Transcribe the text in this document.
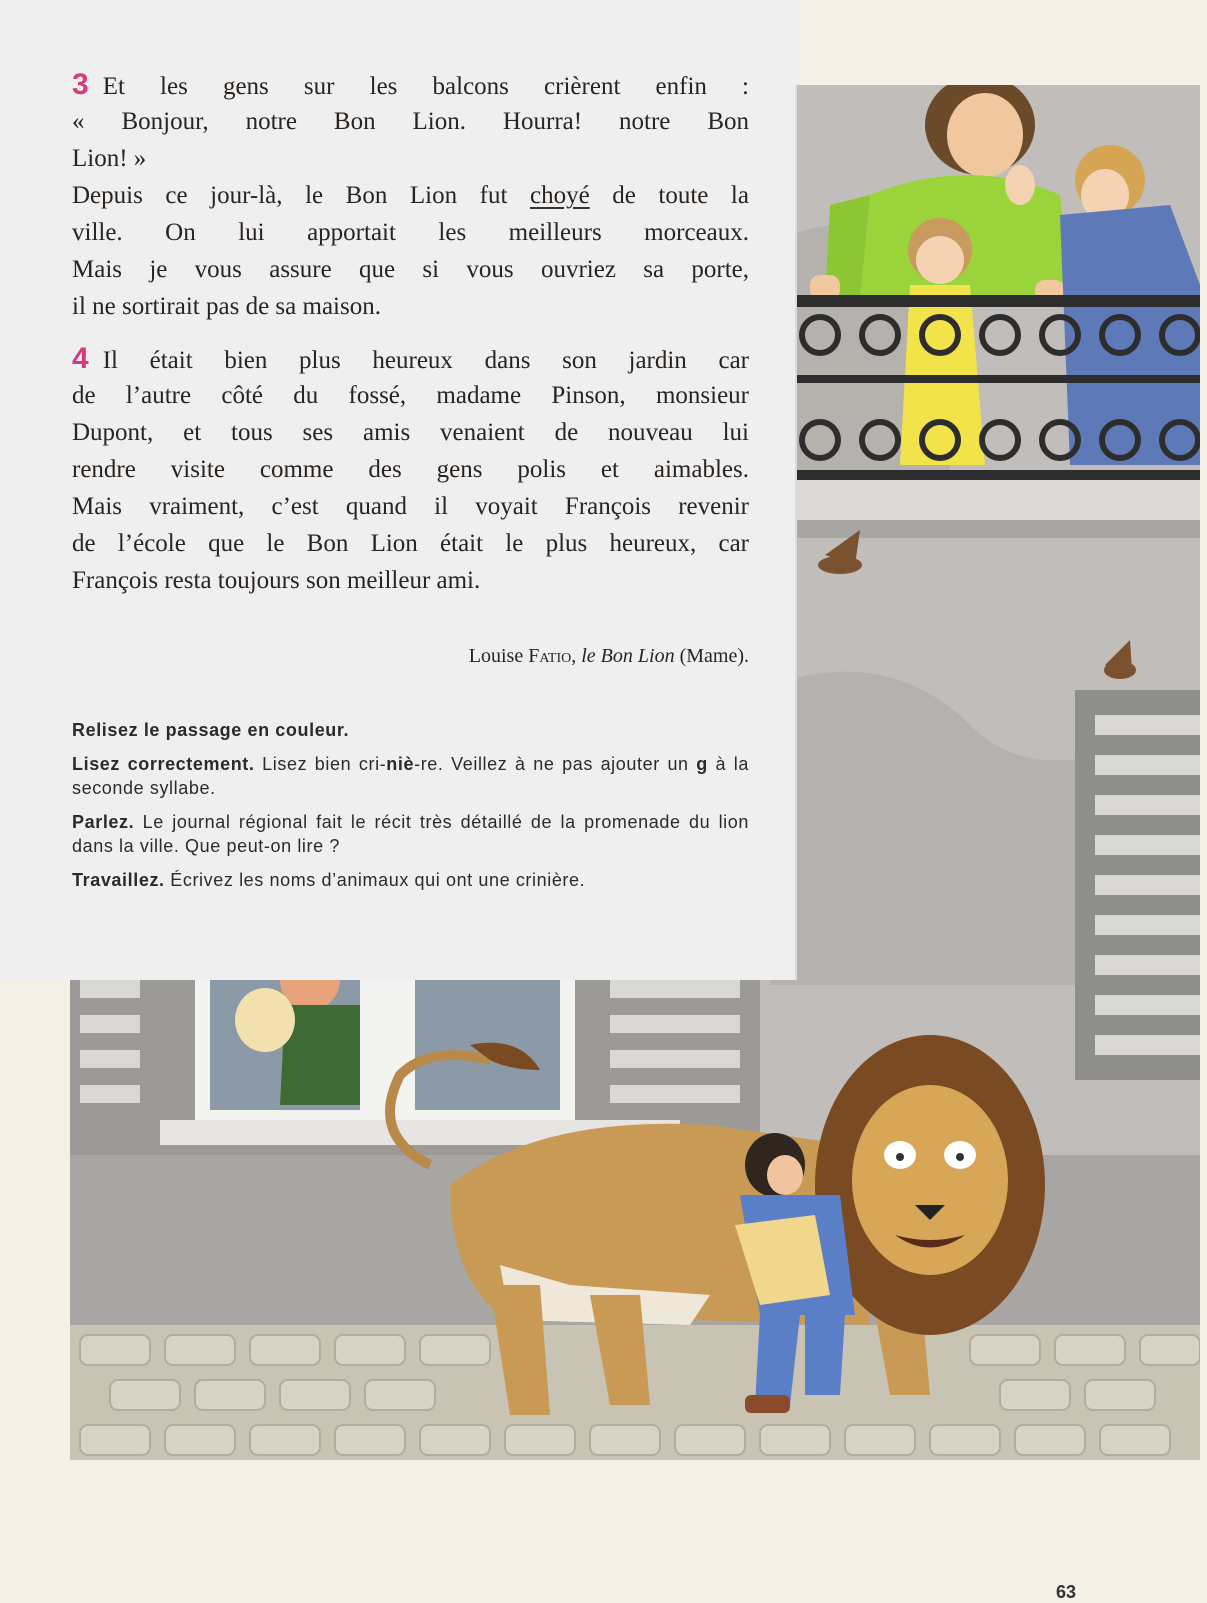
3 Et les gens sur les balcons crièrent enfin :
« Bonjour, notre Bon Lion. Hourra! notre Bon
Lion! »
Depuis ce jour-là, le Bon Lion fut choyé de toute la
ville. On lui apportait les meilleurs morceaux.
Mais je vous assure que si vous ouvriez sa porte,
il ne sortirait pas de sa maison.
4 Il était bien plus heureux dans son jardin car
de l’autre côté du fossé, madame Pinson, monsieur
Dupont, et tous ses amis venaient de nouveau lui
rendre visite comme des gens polis et aimables.
Mais vraiment, c’est quand il voyait François revenir
de l’école que le Bon Lion était le plus heureux, car
François resta toujours son meilleur ami.
Louise Fatio, le Bon Lion (Mame).

Relisez le passage en couleur.

Lisez correctement. Lisez bien cri-niè-re. Veillez à ne pas ajouter un g à la seconde syllabe.

Parlez. Le journal régional fait le récit très détaillé de la promenade du lion dans la ville. Que peut-on lire ?

Travaillez. Écrivez les noms d’animaux qui ont une crinière.

63
